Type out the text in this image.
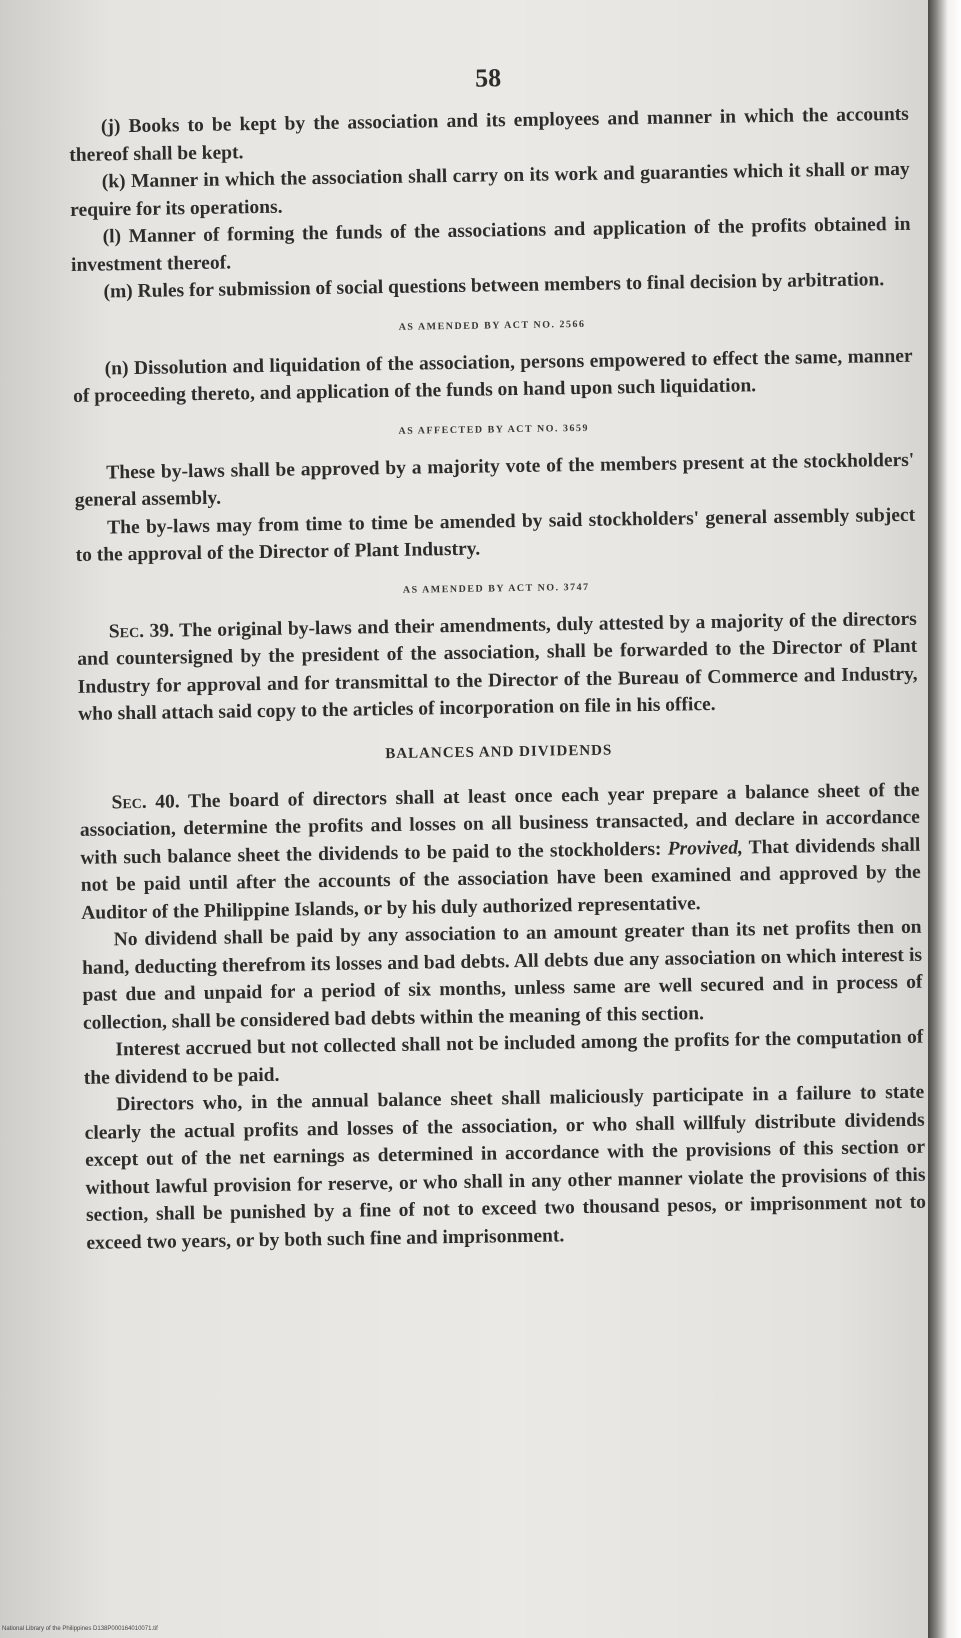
58

(j) Books to be kept by the association and its employees and manner in which the accounts thereof shall be kept.

(k) Manner in which the association shall carry on its work and guaranties which it shall or may require for its operations.

(l) Manner of forming the funds of the associations and application of the profits obtained in investment thereof.

(m) Rules for submission of social questions between members to final decision by arbitration.

AS AMENDED BY ACT NO. 2566

(n) Dissolution and liquidation of the association, persons empowered to effect the same, manner of proceeding thereto, and application of the funds on hand upon such liquidation.

AS AFFECTED BY ACT NO. 3659

These by-laws shall be approved by a majority vote of the members present at the stockholders' general assembly.

The by-laws may from time to time be amended by said stockholders' general assembly subject to the approval of the Director of Plant Industry.

AS AMENDED BY ACT NO. 3747

Sec. 39. The original by-laws and their amendments, duly attested by a majority of the directors and countersigned by the president of the association, shall be forwarded to the Director of Plant Industry for approval and for transmittal to the Director of the Bureau of Commerce and Industry, who shall attach said copy to the articles of incorporation on file in his office.

BALANCES AND DIVIDENDS

Sec. 40. The board of directors shall at least once each year prepare a balance sheet of the association, determine the profits and losses on all business transacted, and declare in accordance with such balance sheet the dividends to be paid to the stockholders: Provived, That dividends shall not be paid until after the accounts of the association have been examined and approved by the Auditor of the Philippine Islands, or by his duly authorized representative.

No dividend shall be paid by any association to an amount greater than its net profits then on hand, deducting therefrom its losses and bad debts. All debts due any association on which interest is past due and unpaid for a period of six months, unless same are well secured and in process of collection, shall be considered bad debts within the meaning of this section.

Interest accrued but not collected shall not be included among the profits for the computation of the dividend to be paid.

Directors who, in the annual balance sheet shall maliciously participate in a failure to state clearly the actual profits and losses of the association, or who shall willfuly distribute dividends except out of the net earnings as determined in accordance with the provisions of this section or without lawful provision for reserve, or who shall in any other manner violate the provisions of this section, shall be punished by a fine of not to exceed two thousand pesos, or imprisonment not to exceed two years, or by both such fine and imprisonment.

National Library of the Philippines D138P000164010071.tif
